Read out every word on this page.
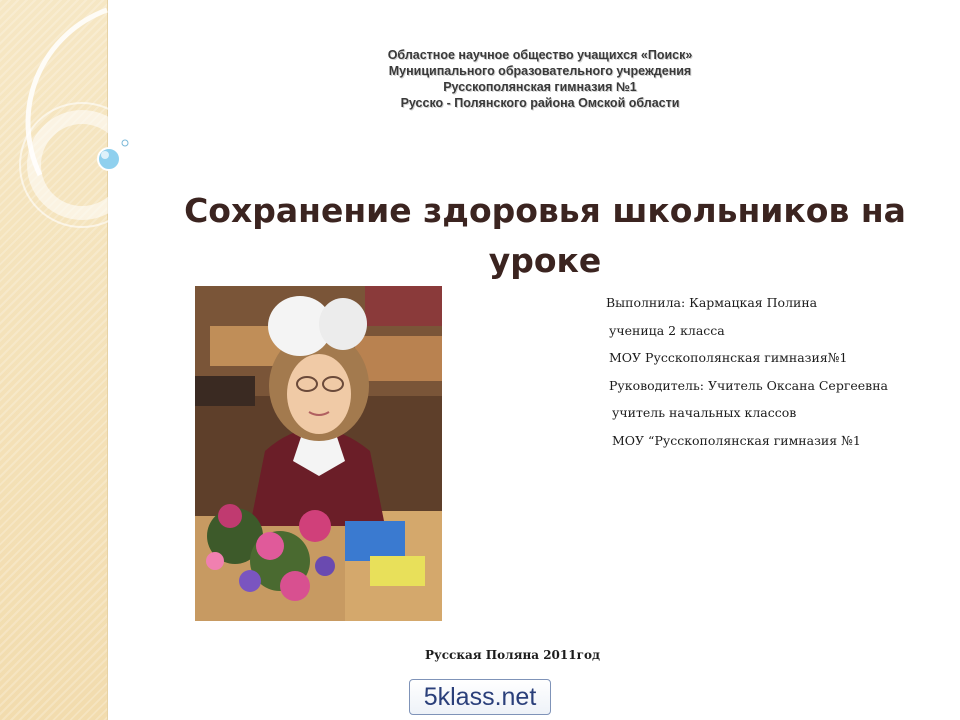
Областное научное общество учащихся «Поиск»
Муниципального образовательного учреждения
Русскополянская гимназия №1
Русско - Полянского района Омской области
Сохранение здоровья школьников на
уроке
Выполнила: Кармацкая Полина
ученица 2 класса
МОУ Русскополянская гимназия№1
Руководитель: Учитель Оксана Сергеевна
учитель начальных классов
МОУ “Русскополянская гимназия №1
Русская Поляна 2011год
5klass.net
